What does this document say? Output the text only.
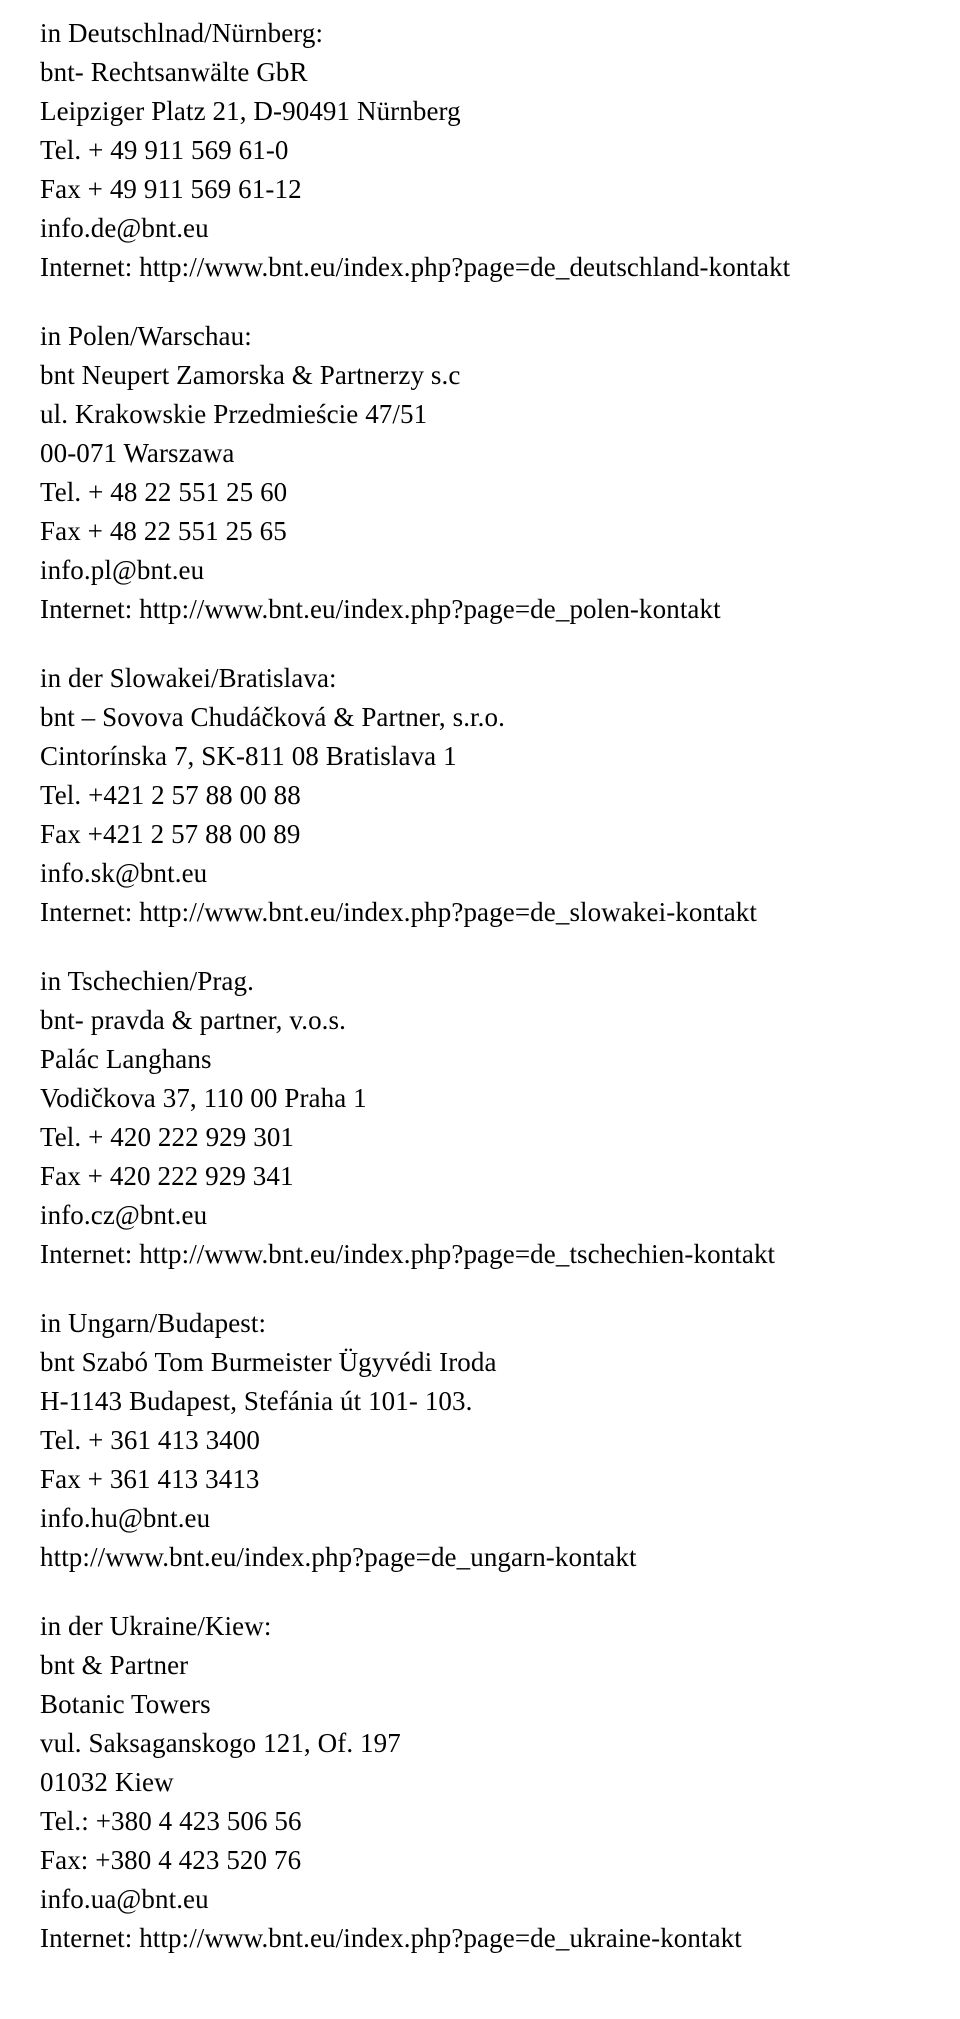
in Deutschlnad/Nürnberg:
bnt- Rechtsanwälte GbR
Leipziger Platz 21, D-90491 Nürnberg
Tel. + 49 911 569 61-0
Fax + 49 911 569 61-12
info.de@bnt.eu
Internet: http://www.bnt.eu/index.php?page=de_deutschland-kontakt
in Polen/Warschau:
bnt Neupert Zamorska & Partnerzy s.c
ul. Krakowskie Przedmieście 47/51
00-071 Warszawa
Tel. + 48 22 551 25 60
Fax + 48 22 551 25 65
info.pl@bnt.eu
Internet: http://www.bnt.eu/index.php?page=de_polen-kontakt
in der Slowakei/Bratislava:
bnt – Sovova Chudáčková & Partner, s.r.o.
Cintorínska 7, SK-811 08 Bratislava 1
Tel. +421 2 57 88 00 88
Fax +421 2 57 88 00 89
info.sk@bnt.eu
Internet: http://www.bnt.eu/index.php?page=de_slowakei-kontakt
in Tschechien/Prag.
bnt- pravda & partner, v.o.s.
Palác Langhans
Vodičkova 37, 110 00 Praha 1
Tel. + 420 222 929 301
Fax + 420 222 929 341
info.cz@bnt.eu
Internet: http://www.bnt.eu/index.php?page=de_tschechien-kontakt
in Ungarn/Budapest:
bnt Szabó Tom Burmeister Ügyvédi Iroda
H-1143 Budapest, Stefánia út 101- 103.
Tel. + 361 413 3400
Fax + 361 413 3413
info.hu@bnt.eu
http://www.bnt.eu/index.php?page=de_ungarn-kontakt
in der Ukraine/Kiew:
bnt & Partner
Botanic Towers
vul. Saksaganskogo 121, Of. 197
01032 Kiew
Tel.: +380 4 423 506 56
Fax: +380 4 423 520 76
info.ua@bnt.eu
Internet: http://www.bnt.eu/index.php?page=de_ukraine-kontakt
